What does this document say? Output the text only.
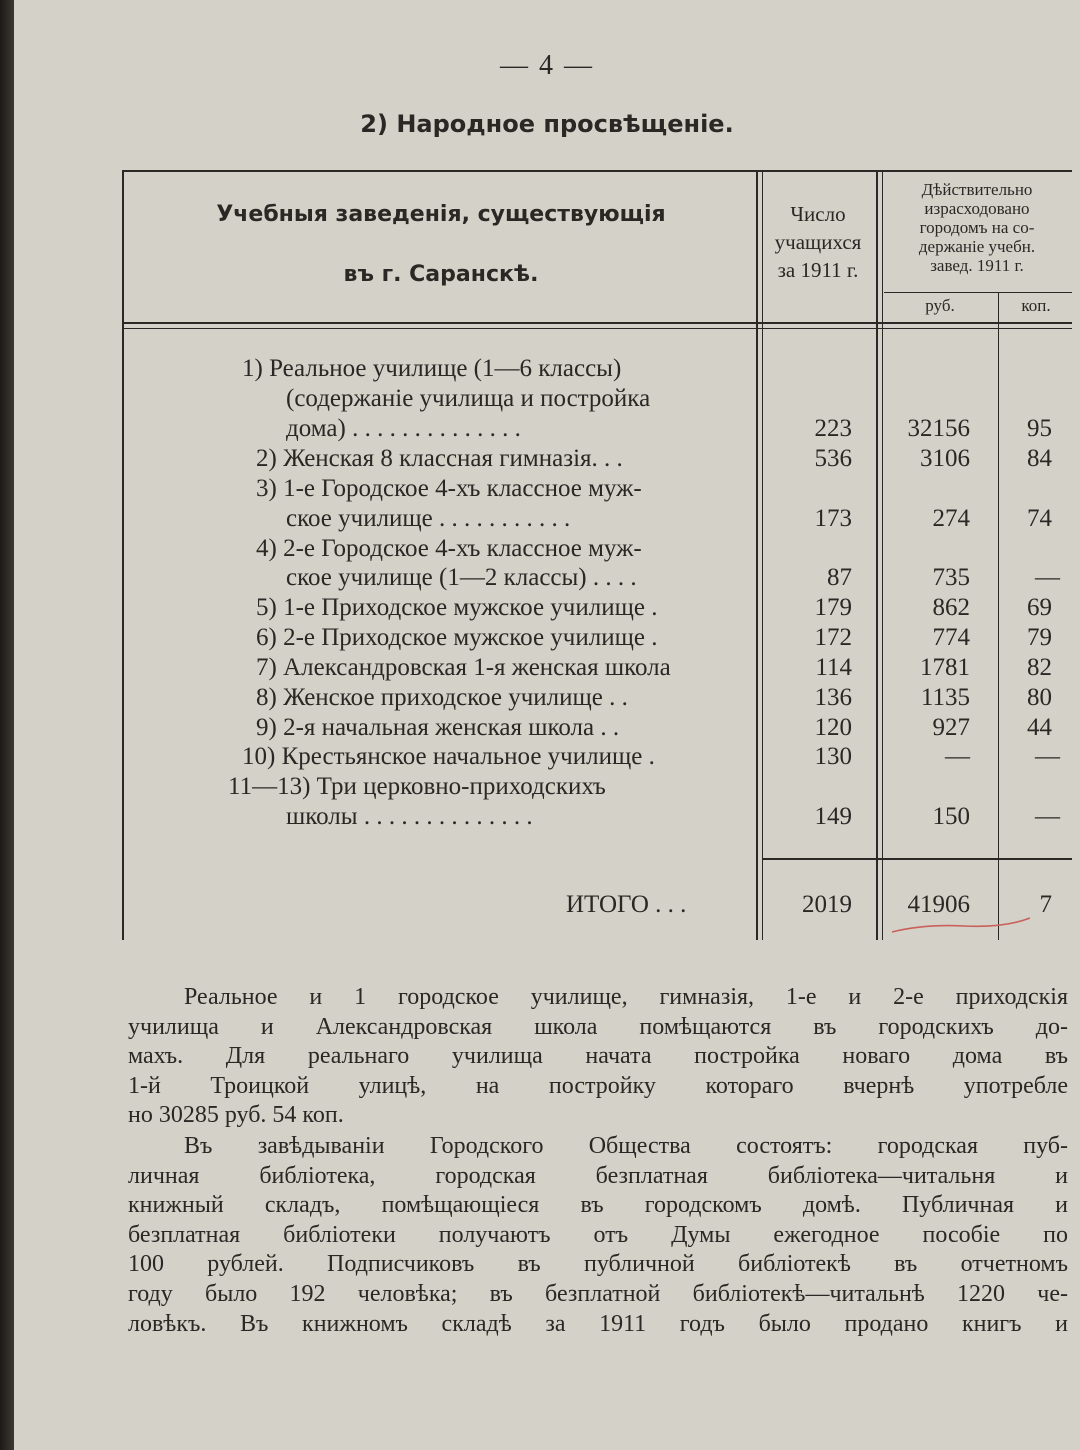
— 4 —
2) Народное просвѣщеніе.
Учебныя заведенія, существующія
въ г. Саранскѣ.
Число
учащихся
за 1911 г.
Дѣйствительно
израсходовано
городомъ на со-
держаніе учебн.
завед. 1911 г.
руб.	коп.
1) Реальное училище (1—6 классы)
(содержаніе училища и постройка
дома) . . . . . . . . . . . . . .	223	32156	95
2) Женская 8 классная гимназія. . .	536	3106	84
3) 1-е Городское 4-хъ классное муж-
ское училище . . . . . . . . . . .	173	274	74
4) 2-е Городское 4-хъ классное муж-
ское училище (1—2 классы) . . . .	87	735	—
5) 1-е Приходское мужское училище .	179	862	69
6) 2-е Приходское мужское училище .	172	774	79
7) Александровская 1-я женская школа	114	1781	82
8) Женское приходское училище . .	136	1135	80
9) 2-я начальная женская школа . .	120	927	44
10) Крестьянское начальное училище .	130	—	—
11—13) Три церковно-приходскихъ
школы . . . . . . . . . . . . . .	149	150	—
ИТОГО . . .	2019	41906	7

Реальное и 1 городское училище, гимназія, 1-е и 2-е приходскія

училища и Александровская школа помѣщаются въ городскихъ до-

махъ. Для реальнаго училища начата постройка новаго дома въ

1-й Троицкой улицѣ, на постройку котораго вчернѣ употребле

но 30285 руб. 54 коп.

Въ завѣдываніи Городского Общества состоятъ: городская пуб-

личная библіотека, городская безплатная библіотека—читальня и

книжный складъ, помѣщающіеся въ городскомъ домѣ. Публичная и

безплатная библіотеки получаютъ отъ Думы ежегодное пособіе по

100 рублей. Подписчиковъ въ публичной библіотекѣ въ отчетномъ

году было 192 человѣка; въ безплатной библіотекѣ—читальнѣ 1220 че-

ловѣкъ. Въ книжномъ складѣ за 1911 годъ было продано книгъ и
